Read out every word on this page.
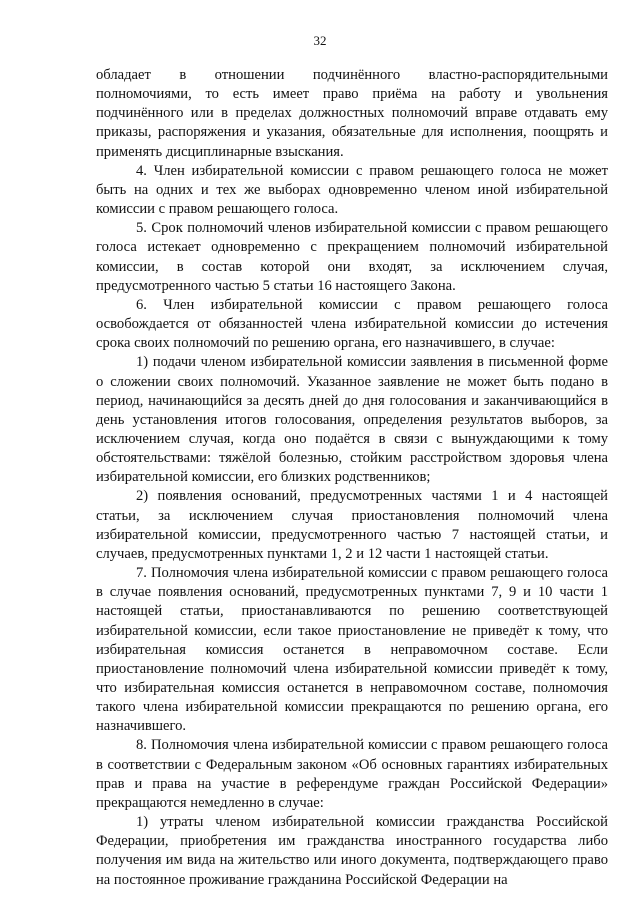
32

обладает в отношении подчинённого властно-распорядительными полномочиями, то есть имеет право приёма на работу и увольнения подчинённого или в пределах должностных полномочий вправе отдавать ему приказы, распоряжения и указания, обязательные для исполнения, поощрять и применять дисциплинарные взыскания.

4. Член избирательной комиссии с правом решающего голоса не может быть на одних и тех же выборах одновременно членом иной избирательной комиссии с правом решающего голоса.

5. Срок полномочий членов избирательной комиссии с правом решающего голоса истекает одновременно с прекращением полномочий избирательной комиссии, в состав которой они входят, за исключением случая, предусмотренного частью 5 статьи 16 настоящего Закона.

6. Член избирательной комиссии с правом решающего голоса освобождается от обязанностей члена избирательной комиссии до истечения срока своих полномочий по решению органа, его назначившего, в случае:

1) подачи членом избирательной комиссии заявления в письменной форме о сложении своих полномочий. Указанное заявление не может быть подано в период, начинающийся за десять дней до дня голосования и заканчивающийся в день установления итогов голосования, определения результатов выборов, за исключением случая, когда оно подаётся в связи с вынуждающими к тому обстоятельствами: тяжёлой болезнью, стойким расстройством здоровья члена избирательной комиссии, его близких родственников;

2) появления оснований, предусмотренных частями 1 и 4 настоящей статьи, за исключением случая приостановления полномочий члена избирательной комиссии, предусмотренного частью 7 настоящей статьи, и случаев, предусмотренных пунктами 1, 2 и 12 части 1 настоящей статьи.

7. Полномочия члена избирательной комиссии с правом решающего голоса в случае появления оснований, предусмотренных пунктами 7, 9 и 10 части 1 настоящей статьи, приостанавливаются по решению соответствующей избирательной комиссии, если такое приостановление не приведёт к тому, что избирательная комиссия останется в неправомочном составе. Если приостановление полномочий члена избирательной комиссии приведёт к тому, что избирательная комиссия останется в неправомочном составе, полномочия такого члена избирательной комиссии прекращаются по решению органа, его назначившего.

8. Полномочия члена избирательной комиссии с правом решающего голоса в соответствии с Федеральным законом «Об основных гарантиях избирательных прав и права на участие в референдуме граждан Российской Федерации» прекращаются немедленно в случае:

1) утраты членом избирательной комиссии гражданства Российской Федерации, приобретения им гражданства иностранного государства либо получения им вида на жительство или иного документа, подтверждающего право на постоянное проживание гражданина Российской Федерации на
